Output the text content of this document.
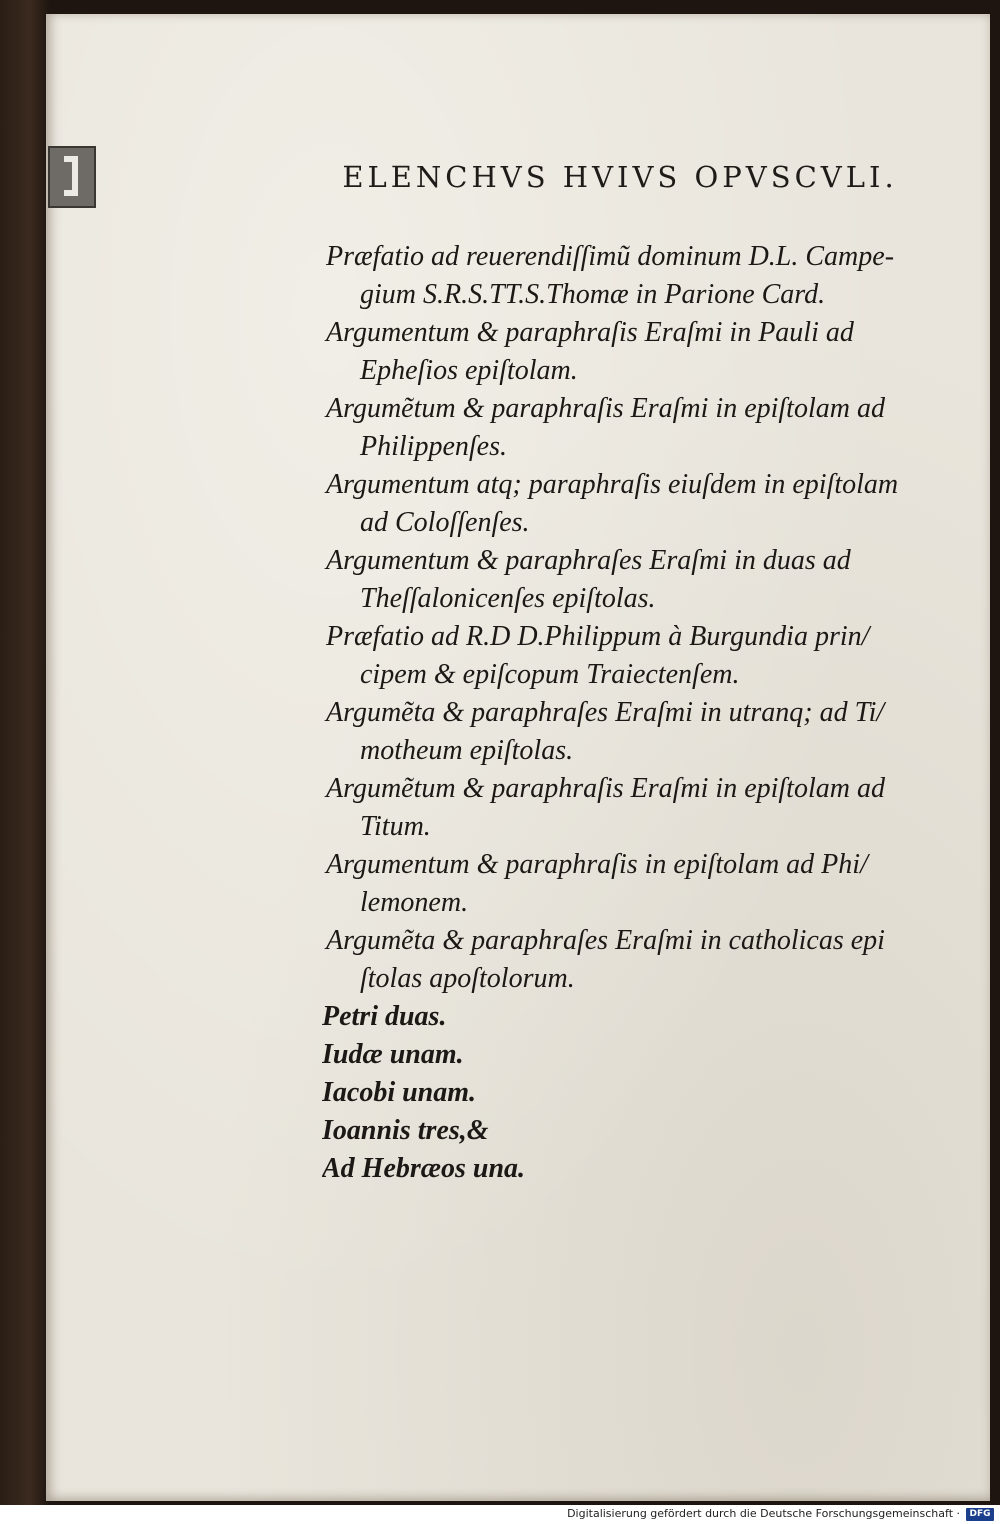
ELENCHVS HVIVS OPVSCVLI.
Præfatio ad reuerendiſſimũ dominum D.L. Campe-
gium S.R.S.TT.S.Thomæ in Parione Card.
Argumentum & paraphraſis Eraſmi in Pauli ad
Epheſios epiſtolam.
Argumẽtum & paraphraſis Eraſmi in epiſtolam ad
Philippenſes.
Argumentum atq; paraphraſis eiuſdem in epiſtolam
ad Coloſſenſes.
Argumentum & paraphraſes Eraſmi in duas ad
Theſſalonicenſes epiſtolas.
Præfatio ad R.D D.Philippum à Burgundia prin/
cipem & epiſcopum Traiectenſem.
Argumẽta & paraphraſes Eraſmi in utranq; ad Ti/
motheum epiſtolas.
Argumẽtum & paraphraſis Eraſmi in epiſtolam ad
Titum.
Argumentum & paraphraſis in epiſtolam ad Phi/
lemonem.
Argumẽta & paraphraſes Eraſmi in catholicas epi
ſtolas apoſtolorum.
Petri duas.
Iudæ unam.
Iacobi unam.
Ioannis tres,&
Ad Hebræos una.
Digitalisierung gefördert durch die Deutsche Forschungsgemeinschaft ·	DFG
